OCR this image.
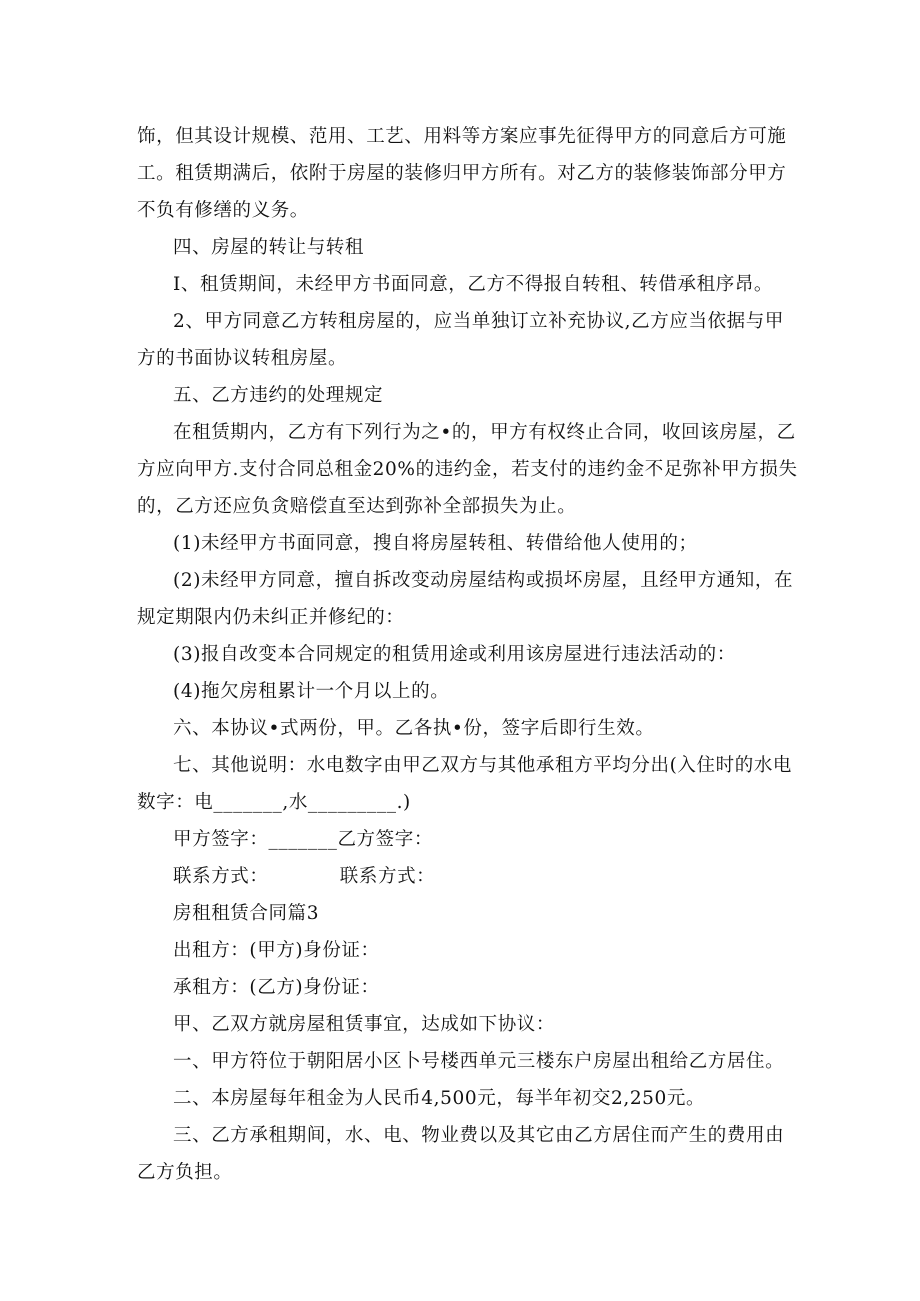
饰，但其设计规模、范用、工艺、用料等方案应事先征得甲方的同意后方可施
工。租赁期满后，依附于房屋的装修归甲方所有。对乙方的装修装饰部分甲方
不负有修缮的义务。
四、房屋的转让与转租
I、租赁期间，未经甲方书面同意，乙方不得报自转租、转借承租序昂。
2、甲方同意乙方转租房屋的，应当单独订立补充协议,乙方应当依据与甲
方的书面协议转租房屋。
五、乙方违约的处理规定
在租赁期内，乙方有下列行为之•的，甲方有权终止合同，收回该房屋，乙
方应向甲方.支付合同总租金20%的违约金，若支付的违约金不足弥补甲方损失
的，乙方还应负贪赔偿直至达到弥补全部损失为止。
(1)未经甲方书面同意，搜自将房屋转租、转借给他人使用的；
(2)未经甲方同意，擅自拆改变动房屋结构或损坏房屋，且经甲方通知，在
规定期限内仍未纠正并修纪的：
(3)报自改变本合同规定的租赁用途或利用该房屋进行违法活动的：
(4)拖欠房租累计一个月以上的。
六、本协议•式两份，甲。乙各执•份，签字后即行生效。
七、其他说明：水电数字由甲乙双方与其他承租方平均分出(入住时的水电
数字：电_______,水_________.)
甲方签字：_______乙方签字：
联系方式：           联系方式：
房租租赁合同篇3
出租方：(甲方)身份证：
承租方：(乙方)身份证：
甲、乙双方就房屋租赁事宜，达成如下协议：
一、甲方符位于朝阳居小区卜号楼西单元三楼东户房屋出租给乙方居住。
二、本房屋每年租金为人民币4,500元，每半年初交2,250元。
三、乙方承租期间，水、电、物业费以及其它由乙方居住而产生的费用由
乙方负担。
